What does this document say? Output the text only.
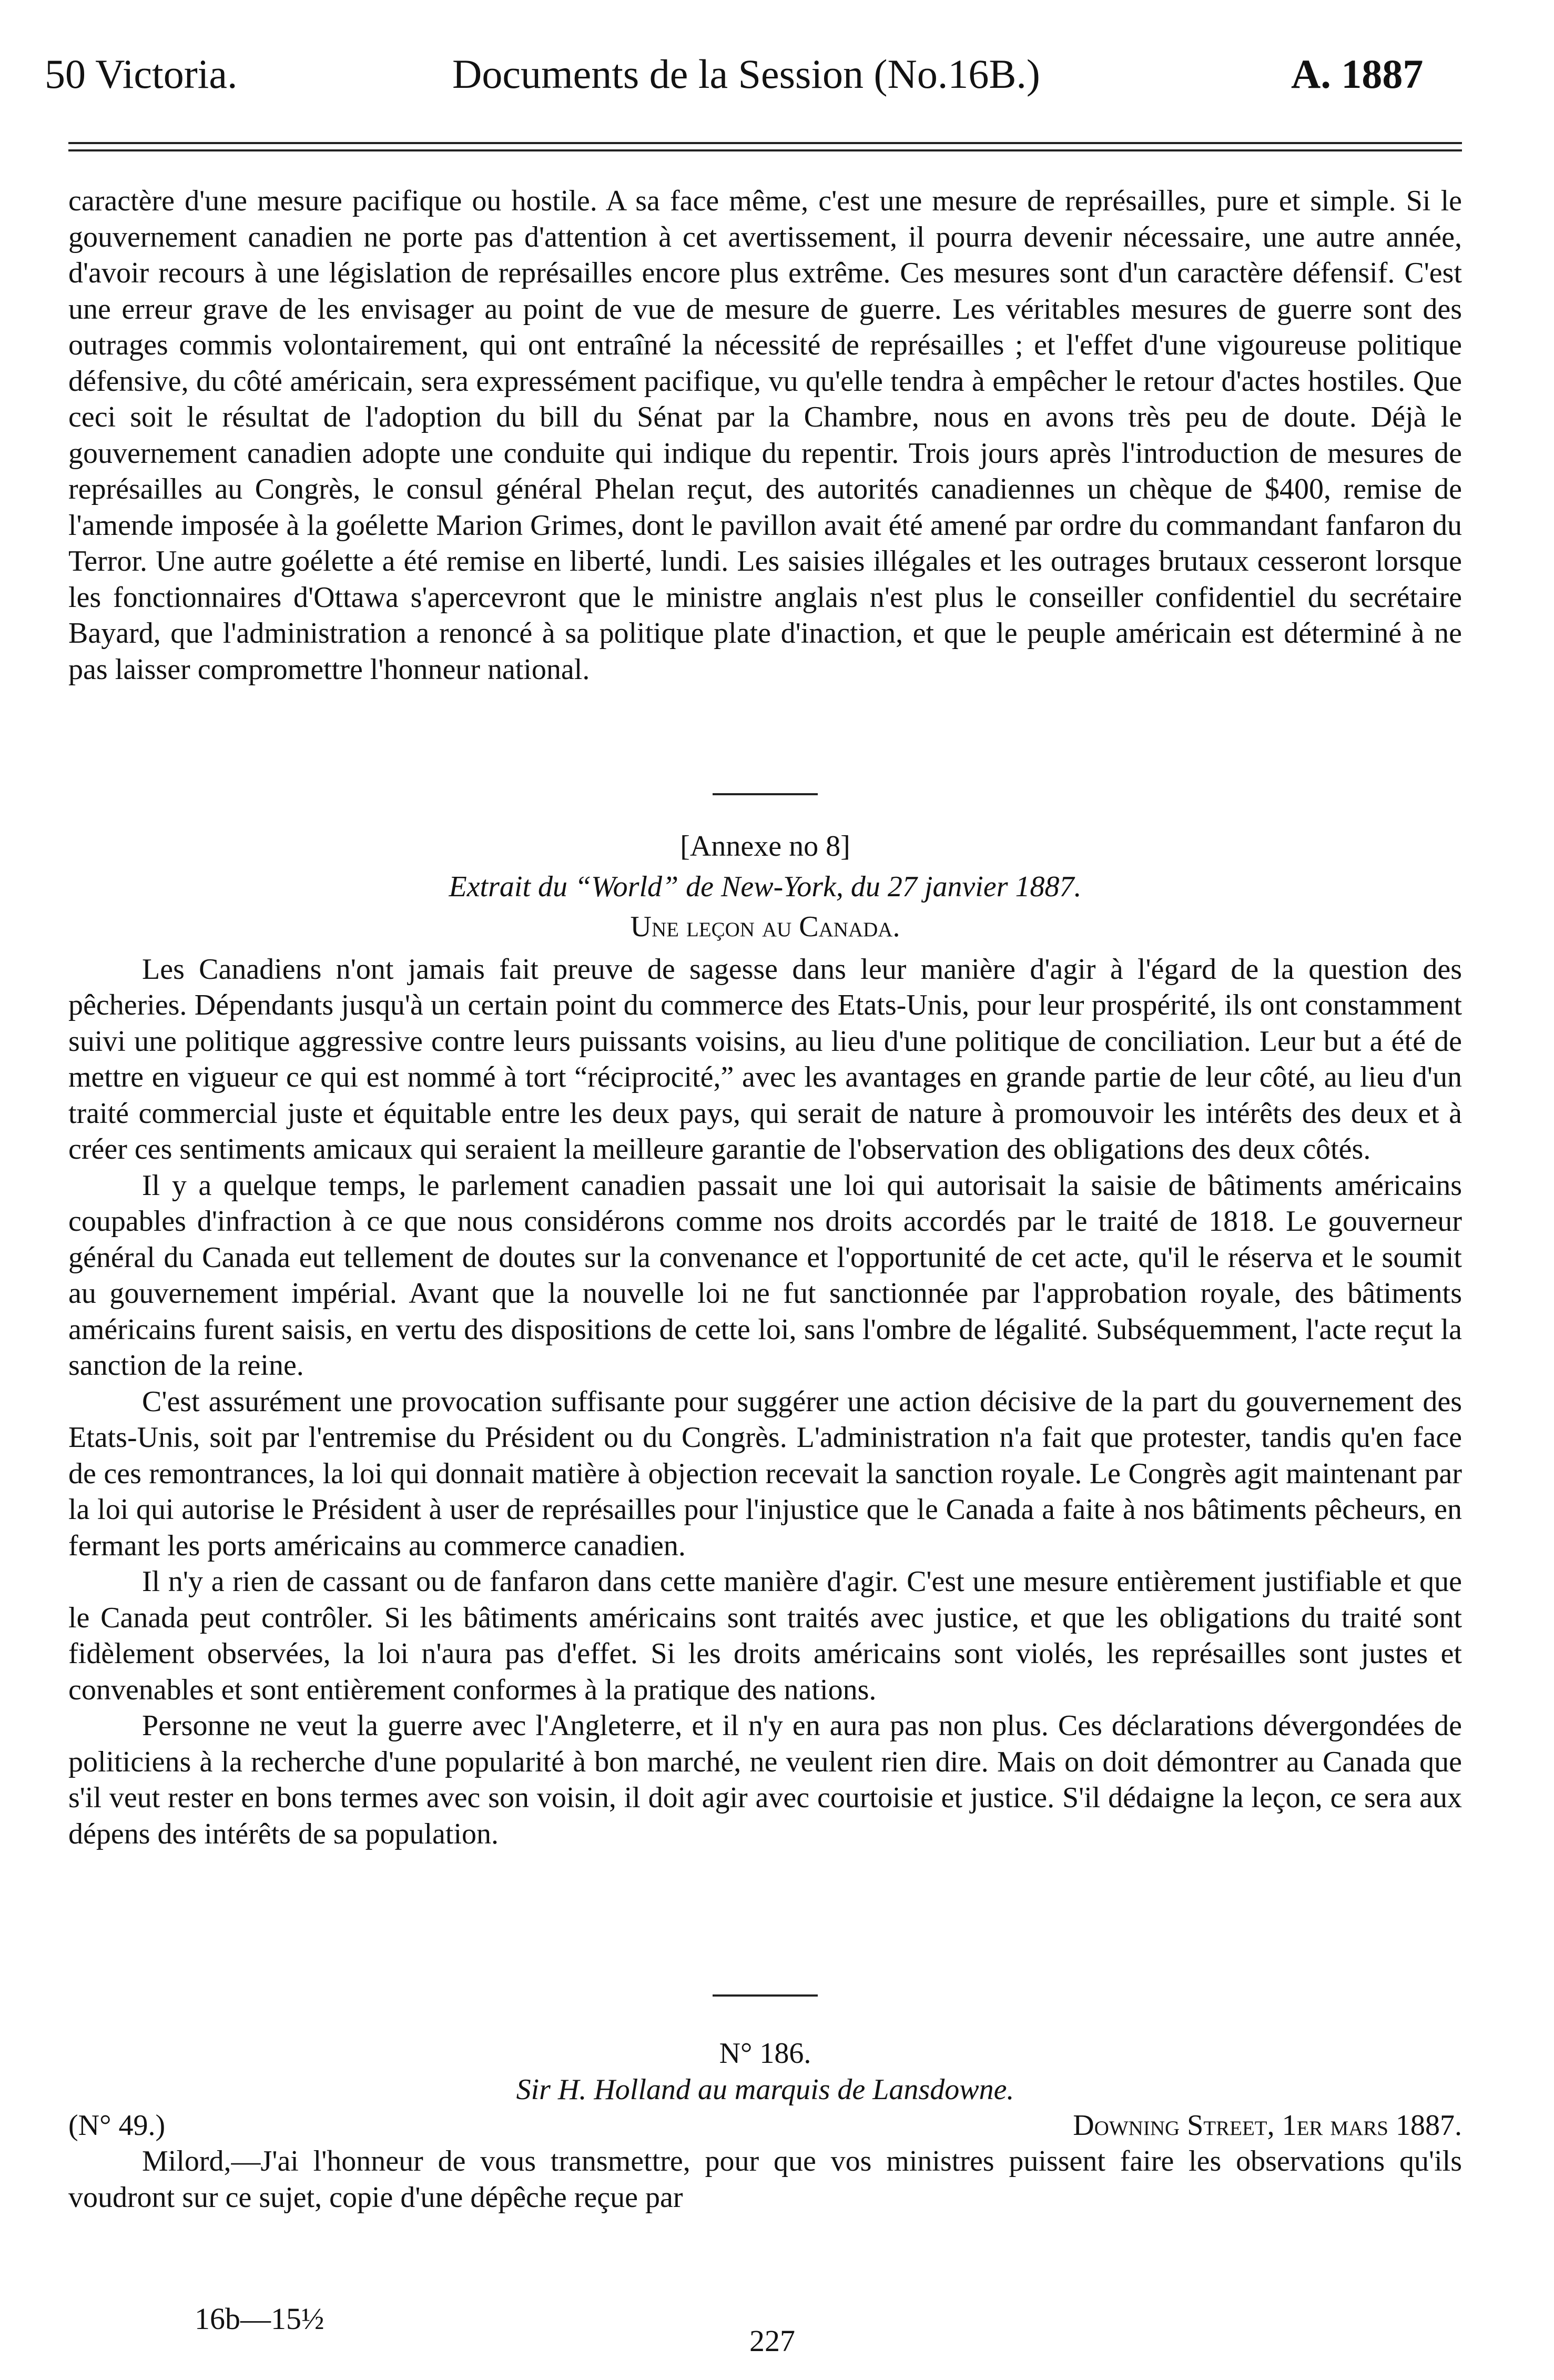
50 Victoria.	Documents de la Session (No.16B.)	A. 1887

caractère d'une mesure pacifique ou hostile. A sa face même, c'est une mesure de représailles, pure et simple. Si le gouvernement canadien ne porte pas d'attention à cet avertissement, il pourra devenir nécessaire, une autre année, d'avoir recours à une législation de représailles encore plus extrême. Ces mesures sont d'un caractère défensif. C'est une erreur grave de les envisager au point de vue de mesure de guerre. Les véritables mesures de guerre sont des outrages commis volontairement, qui ont entraîné la nécessité de représailles ; et l'effet d'une vigoureuse politique défensive, du côté américain, sera expressément pacifique, vu qu'elle tendra à empêcher le retour d'actes hostiles. Que ceci soit le résultat de l'adoption du bill du Sénat par la Chambre, nous en avons très peu de doute. Déjà le gouvernement canadien adopte une conduite qui indique du repentir. Trois jours après l'introduction de mesures de représailles au Congrès, le consul général Phelan reçut, des autorités canadiennes un chèque de $400, remise de l'amende imposée à la goélette Marion Grimes, dont le pavillon avait été amené par ordre du commandant fanfaron du Terror. Une autre goélette a été remise en liberté, lundi. Les saisies illégales et les outrages brutaux cesseront lorsque les fonctionnaires d'Ottawa s'apercevront que le ministre anglais n'est plus le conseiller confidentiel du secrétaire Bayard, que l'administration a renoncé à sa politique plate d'inaction, et que le peuple américain est déterminé à ne pas laisser compromettre l'honneur national.

[Annexe no 8]

Extrait du “World” de New-York, du 27 janvier 1887.

Une leçon au Canada.

Les Canadiens n'ont jamais fait preuve de sagesse dans leur manière d'agir à l'égard de la question des pêcheries. Dépendants jusqu'à un certain point du commerce des Etats-Unis, pour leur prospérité, ils ont constamment suivi une politique aggressive contre leurs puissants voisins, au lieu d'une politique de conciliation. Leur but a été de mettre en vigueur ce qui est nommé à tort “réciprocité,” avec les avantages en grande partie de leur côté, au lieu d'un traité commercial juste et équitable entre les deux pays, qui serait de nature à promouvoir les intérêts des deux et à créer ces sentiments amicaux qui seraient la meilleure garantie de l'observation des obligations des deux côtés.

Il y a quelque temps, le parlement canadien passait une loi qui autorisait la saisie de bâtiments américains coupables d'infraction à ce que nous considérons comme nos droits accordés par le traité de 1818. Le gouverneur général du Canada eut tellement de doutes sur la convenance et l'opportunité de cet acte, qu'il le réserva et le soumit au gouvernement impérial. Avant que la nouvelle loi ne fut sanctionnée par l'approbation royale, des bâtiments américains furent saisis, en vertu des dispositions de cette loi, sans l'ombre de légalité. Subséquemment, l'acte reçut la sanction de la reine.

C'est assurément une provocation suffisante pour suggérer une action décisive de la part du gouvernement des Etats-Unis, soit par l'entremise du Président ou du Congrès. L'administration n'a fait que protester, tandis qu'en face de ces remontrances, la loi qui donnait matière à objection recevait la sanction royale. Le Congrès agit maintenant par la loi qui autorise le Président à user de représailles pour l'injustice que le Canada a faite à nos bâtiments pêcheurs, en fermant les ports américains au commerce canadien.

Il n'y a rien de cassant ou de fanfaron dans cette manière d'agir. C'est une mesure entièrement justifiable et que le Canada peut contrôler. Si les bâtiments américains sont traités avec justice, et que les obligations du traité sont fidèlement observées, la loi n'aura pas d'effet. Si les droits américains sont violés, les représailles sont justes et convenables et sont entièrement conformes à la pratique des nations.

Personne ne veut la guerre avec l'Angleterre, et il n'y en aura pas non plus. Ces déclarations dévergondées de politiciens à la recherche d'une popularité à bon marché, ne veulent rien dire. Mais on doit démontrer au Canada que s'il veut rester en bons termes avec son voisin, il doit agir avec courtoisie et justice. S'il dédaigne la leçon, ce sera aux dépens des intérêts de sa population.

N° 186.

Sir H. Holland au marquis de Lansdowne.

(N° 49.)	Downing Street, 1er mars 1887.

Milord,—J'ai l'honneur de vous transmettre, pour que vos ministres puissent faire les observations qu'ils voudront sur ce sujet, copie d'une dépêche reçue par

16b—15½
227
